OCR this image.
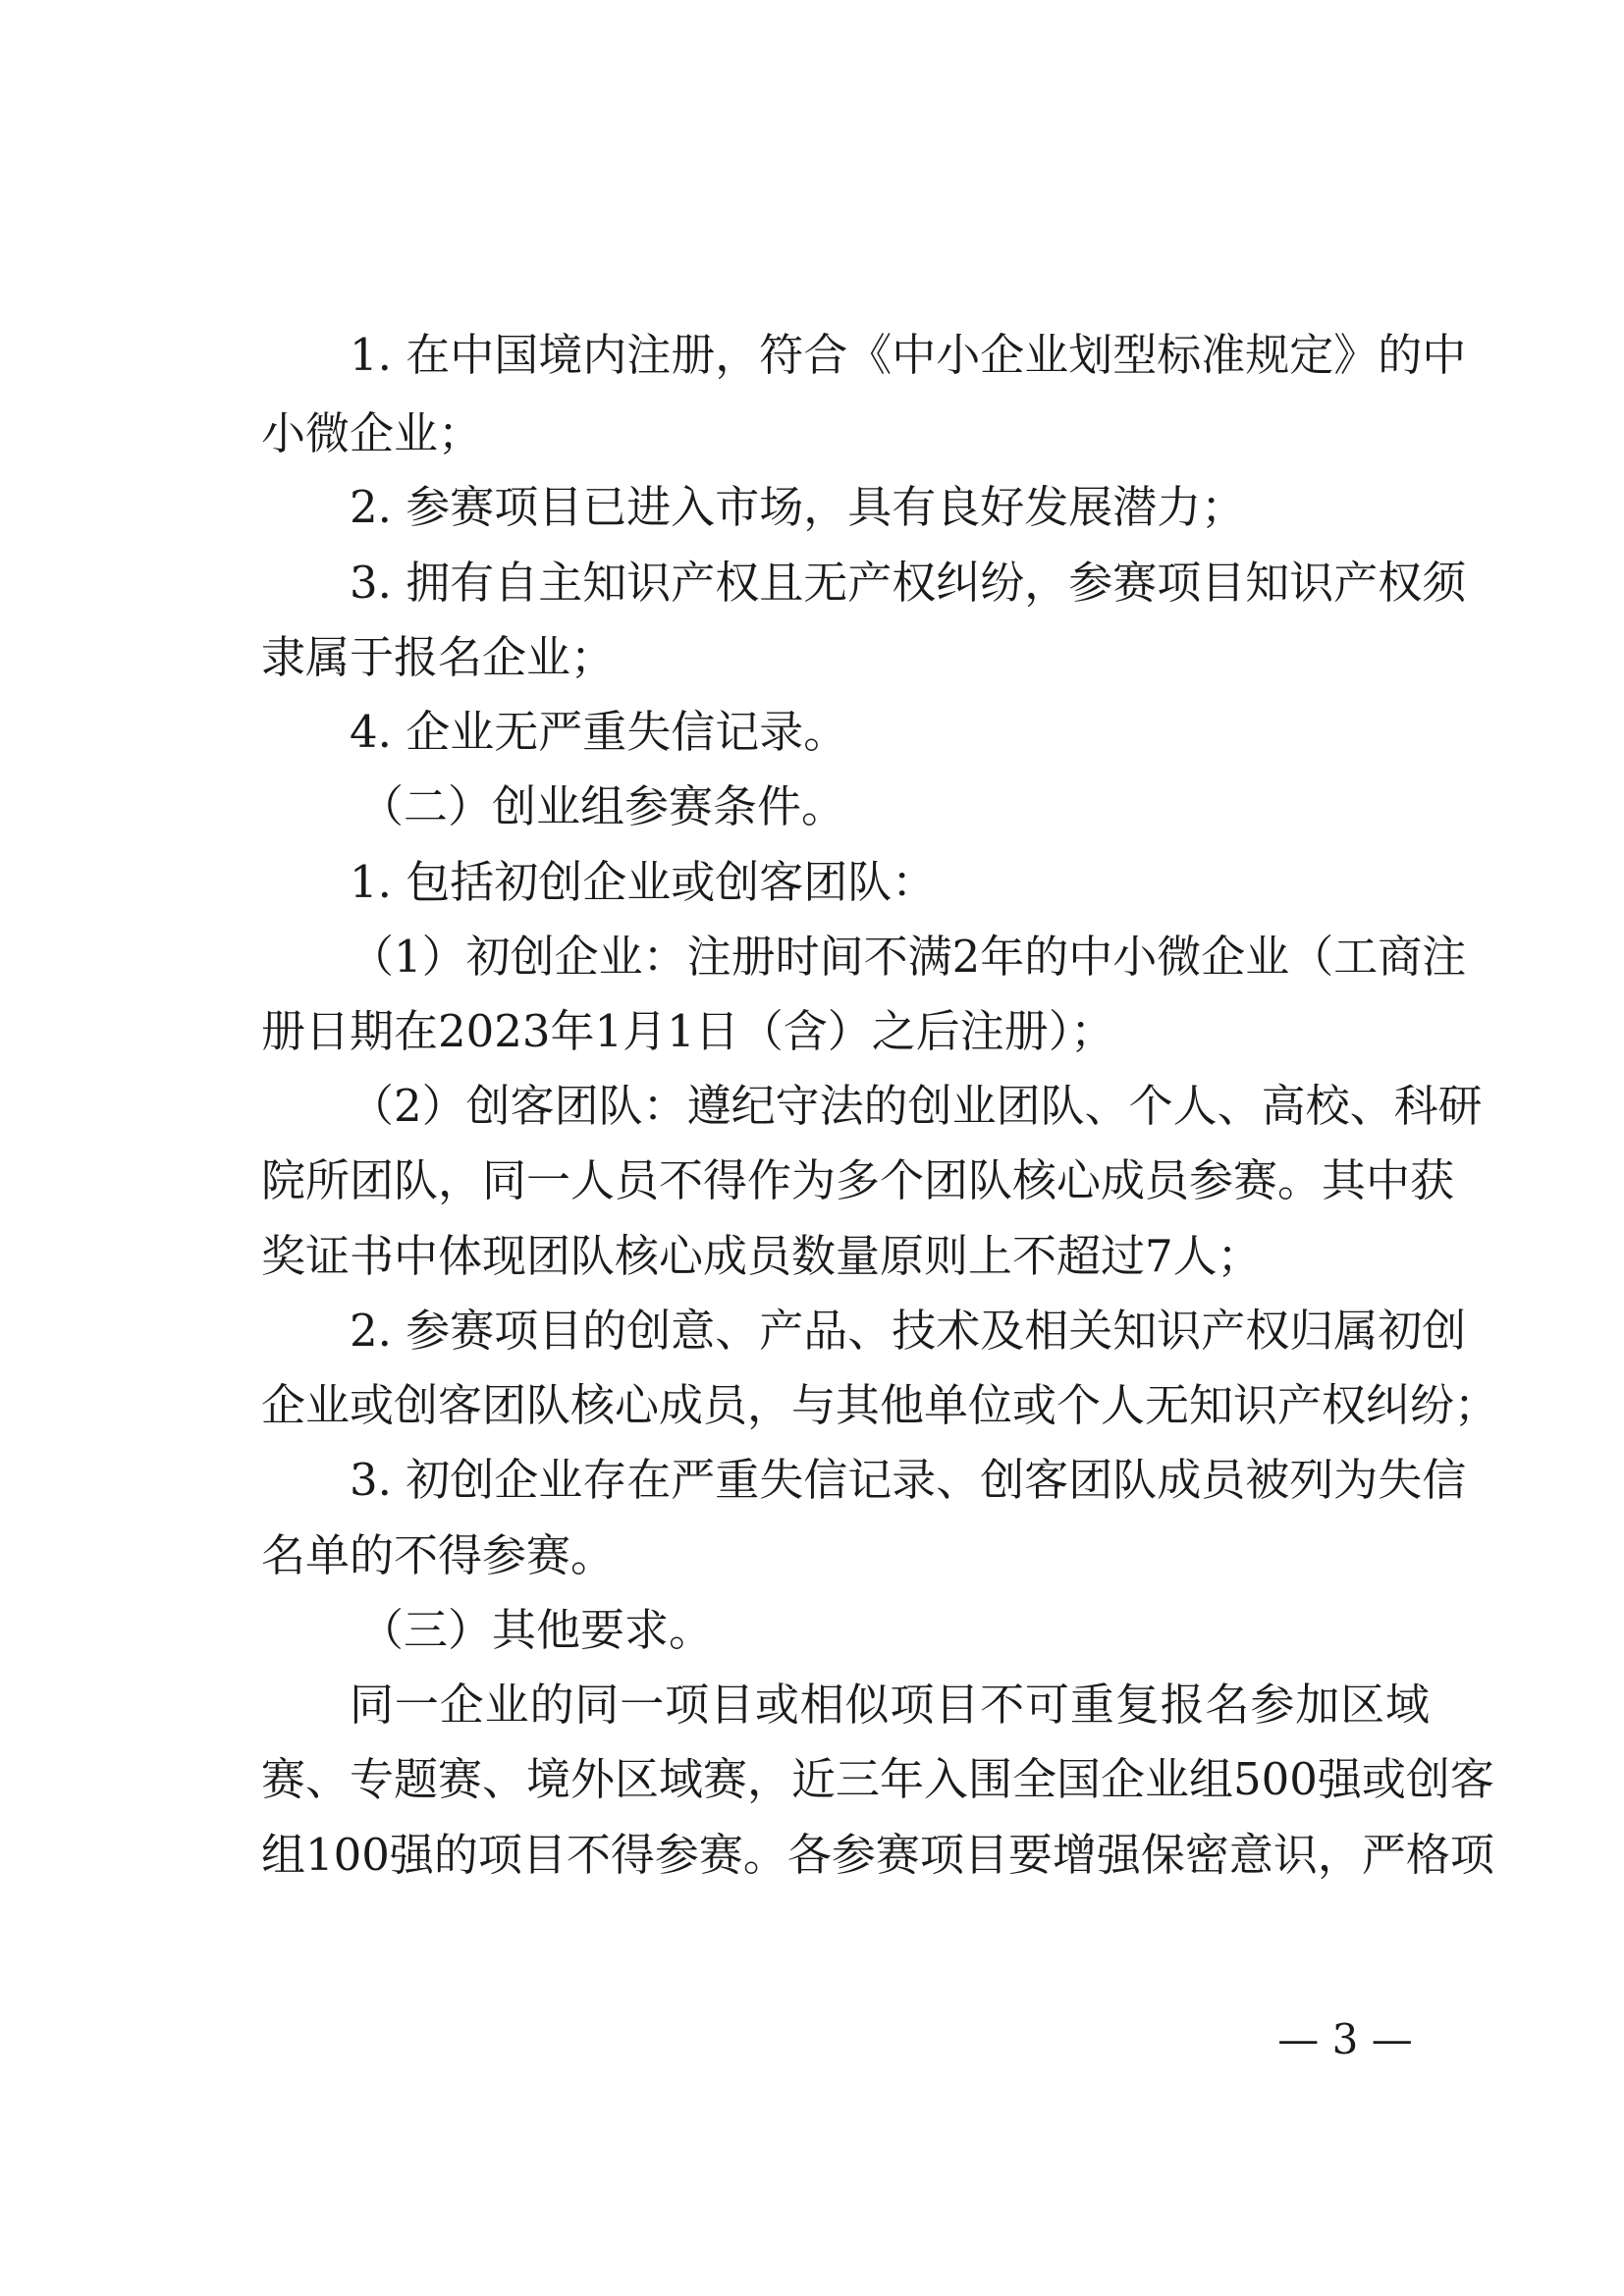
1. 在中国境内注册，符合《中小企业划型标准规定》的中
小微企业；
2. 参赛项目已进入市场，具有良好发展潜力；
3. 拥有自主知识产权且无产权纠纷，参赛项目知识产权须
隶属于报名企业；
4. 企业无严重失信记录。
（二）创业组参赛条件。
1. 包括初创企业或创客团队：
（1）初创企业：注册时间不满2年的中小微企业（工商注
册日期在2023年1月1日（含）之后注册）；
（2）创客团队：遵纪守法的创业团队、个人、高校、科研
院所团队，同一人员不得作为多个团队核心成员参赛。其中获
奖证书中体现团队核心成员数量原则上不超过7人；
2. 参赛项目的创意、产品、技术及相关知识产权归属初创
企业或创客团队核心成员，与其他单位或个人无知识产权纠纷；
3. 初创企业存在严重失信记录、创客团队成员被列为失信
名单的不得参赛。
（三）其他要求。
同一企业的同一项目或相似项目不可重复报名参加区域
赛、专题赛、境外区域赛，近三年入围全国企业组500强或创客
组100强的项目不得参赛。各参赛项目要增强保密意识，严格项
— 3 —
